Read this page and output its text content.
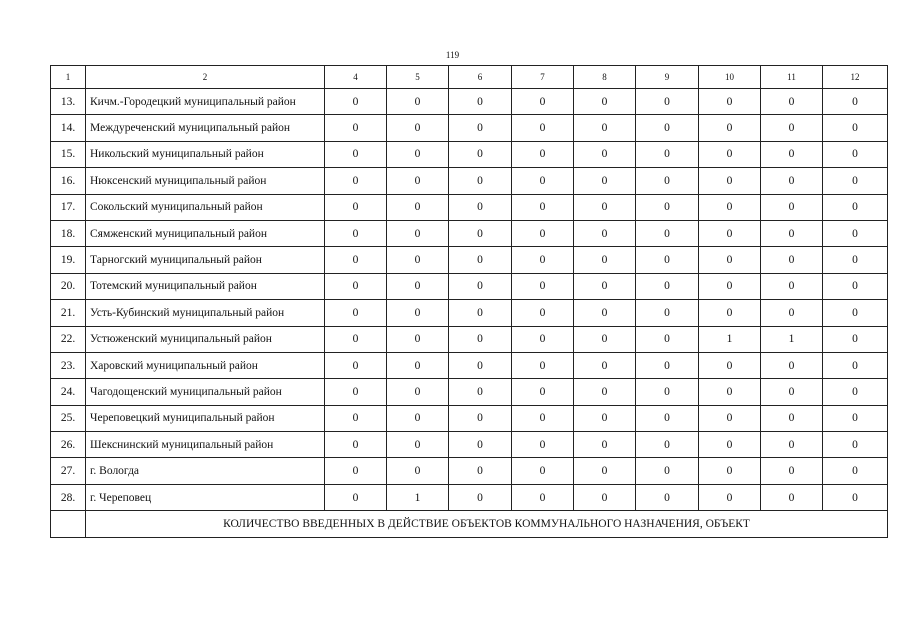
119
1	2	4	5	6	7	8	9	10	11	12
13.	Кичм.-Городецкий муниципальный район	0	0	0	0	0	0	0	0	0
14.	Междуреченский муниципальный район	0	0	0	0	0	0	0	0	0
15.	Никольский муниципальный район	0	0	0	0	0	0	0	0	0
16.	Нюксенский муниципальный район	0	0	0	0	0	0	0	0	0
17.	Сокольский муниципальный район	0	0	0	0	0	0	0	0	0
18.	Сямженский муниципальный район	0	0	0	0	0	0	0	0	0
19.	Тарногский муниципальный район	0	0	0	0	0	0	0	0	0
20.	Тотемский муниципальный район	0	0	0	0	0	0	0	0	0
21.	Усть-Кубинский муниципальный район	0	0	0	0	0	0	0	0	0
22.	Устюженский муниципальный район	0	0	0	0	0	0	1	1	0
23.	Харовский муниципальный район	0	0	0	0	0	0	0	0	0
24.	Чагодощенский муниципальный район	0	0	0	0	0	0	0	0	0
25.	Череповецкий муниципальный район	0	0	0	0	0	0	0	0	0
26.	Шекснинский муниципальный район	0	0	0	0	0	0	0	0	0
27.	г. Вологда	0	0	0	0	0	0	0	0	0
28.	г. Череповец	0	1	0	0	0	0	0	0	0
	КОЛИЧЕСТВО ВВЕДЕННЫХ В ДЕЙСТВИЕ ОБЪЕКТОВ КОММУНАЛЬНОГО НАЗНАЧЕНИЯ, ОБЪЕКТ									
